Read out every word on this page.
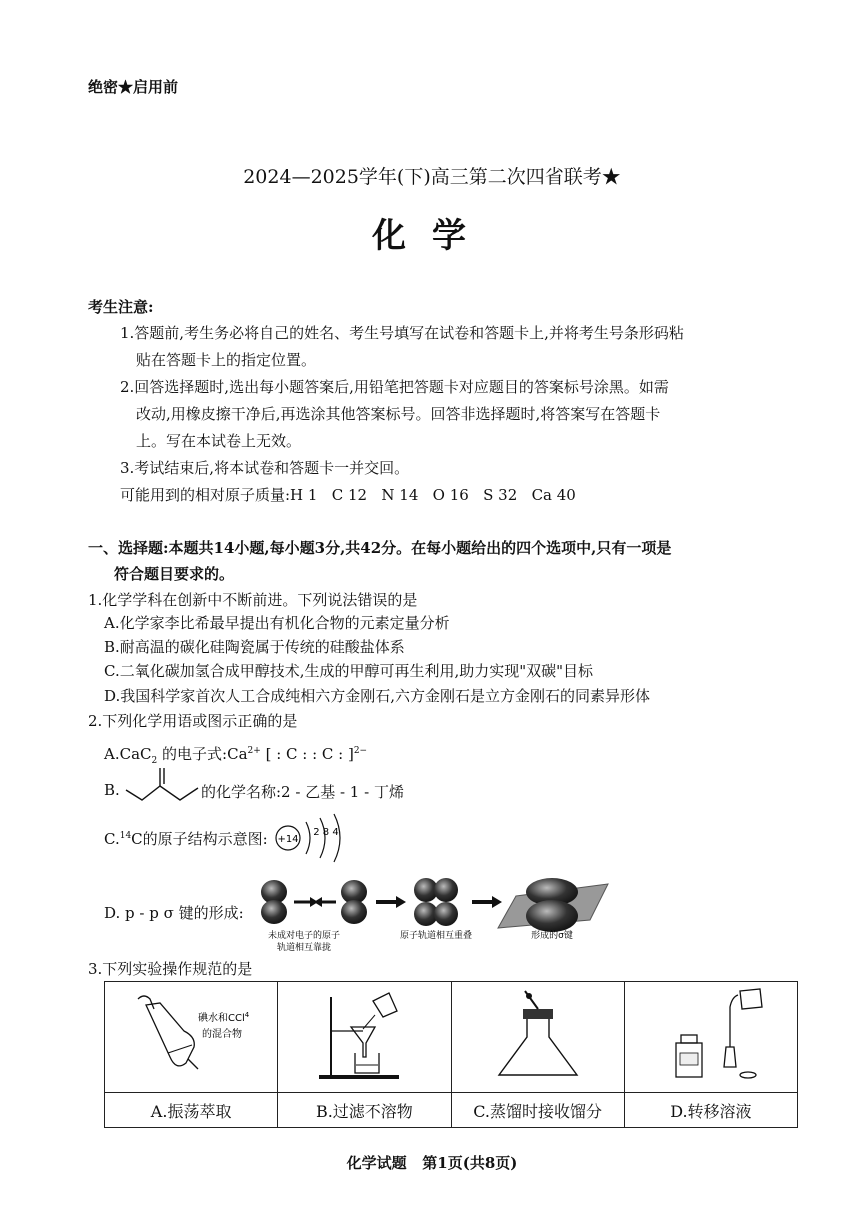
绝密★启用前
2024—2025学年(下)高三第二次四省联考★
化学
考生注意:
1.答题前,考生务必将自己的姓名、考生号填写在试卷和答题卡上,并将考生号条形码粘
贴在答题卡上的指定位置。
2.回答选择题时,选出每小题答案后,用铅笔把答题卡对应题目的答案标号涂黑。如需
改动,用橡皮擦干净后,再选涂其他答案标号。回答非选择题时,将答案写在答题卡
上。写在本试卷上无效。
3.考试结束后,将本试卷和答题卡一并交回。
可能用到的相对原子质量:H 1   C 12   N 14   O 16   S 32   Ca 40
一、选择题:本题共14小题,每小题3分,共42分。在每小题给出的四个选项中,只有一项是
符合题目要求的。
1.化学学科在创新中不断前进。下列说法错误的是
A.化学家李比希最早提出有机化合物的元素定量分析
B.耐高温的碳化硅陶瓷属于传统的硅酸盐体系
C.二氧化碳加氢合成甲醇技术,生成的甲醇可再生利用,助力实现"双碳"目标
D.我国科学家首次人工合成纯相六方金刚石,六方金刚石是立方金刚石的同素异形体
2.下列化学用语或图示正确的是
A.CaC$_2$ 的电子式$:Ca^{2+}$ [ : C : : C : ]$^{2-}$
B.	的化学名称:2 - 乙基 - 1 - 丁烯
C.$^{14}$C的原子结构示意图: +14
2 8 4
D. p - p σ 键的形成:
未成对电子的原子
轨道相互靠拢
原子轨道相互重叠	形成的σ键
3.下列实验操作规范的是
碘水和CCl$^4$
的混合物

A.振荡萃取	B.过滤不溶物	C.蒸馏时接收馏分	D.转移溶液
化学试题   第1页(共8页)
